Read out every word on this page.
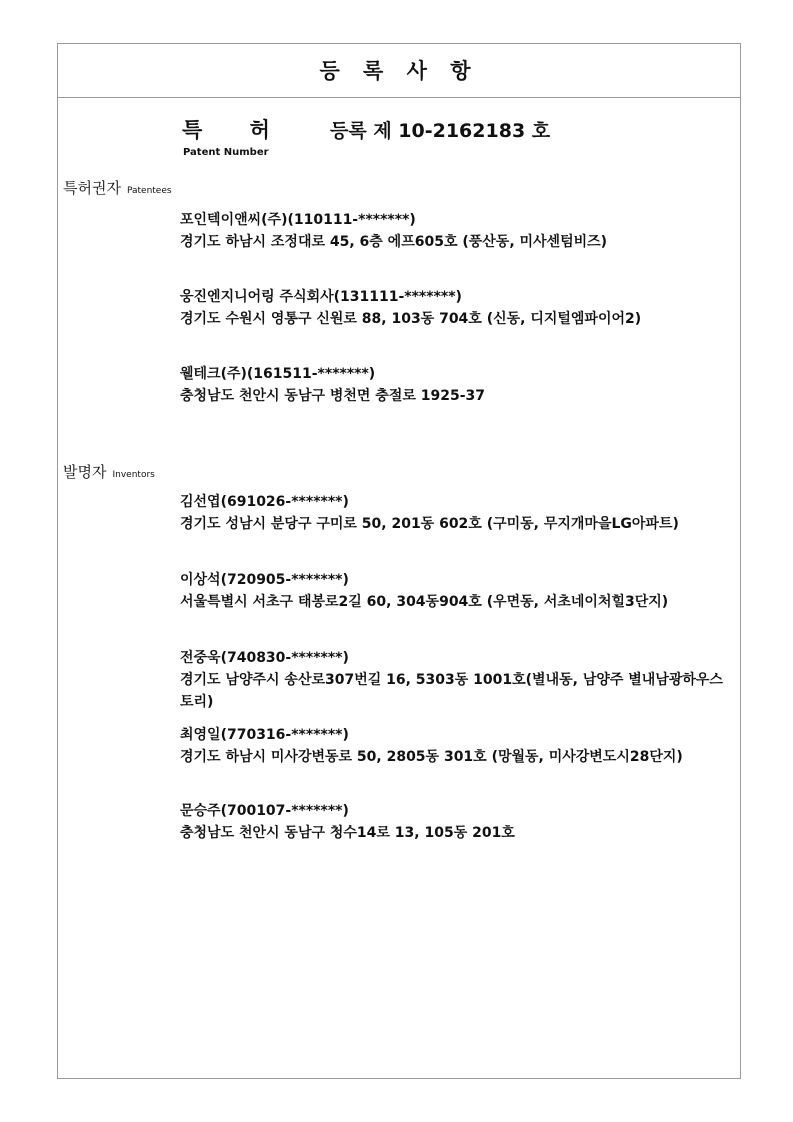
등 록 사 항
특 허 등록 제 10-2162183 호
Patent Number
특허권자 Patentees
포인텍이앤씨(주)(110111-*******)
경기도 하남시 조정대로 45, 6층 에프605호 (풍산동, 미사센텀비즈)
웅진엔지니어링 주식회사(131111-*******)
경기도 수원시 영통구 신원로 88, 103동 704호 (신동, 디지털엠파이어2)
웰테크(주)(161511-*******)
충청남도 천안시 동남구 병천면 충절로 1925-37
발명자 Inventors
김선엽(691026-*******)
경기도 성남시 분당구 구미로 50, 201동 602호 (구미동, 무지개마을LG아파트)
이상석(720905-*******)
서울특별시 서초구 태봉로2길 60, 304동904호 (우면동, 서초네이처힐3단지)
전중욱(740830-*******)
경기도 남양주시 송산로307번길 16, 5303동 1001호(별내동, 남양주 별내남광하우스토리)
최영일(770316-*******)
경기도 하남시 미사강변동로 50, 2805동 301호 (망월동, 미사강변도시28단지)
문승주(700107-*******)
충청남도 천안시 동남구 청수14로 13, 105동 201호
